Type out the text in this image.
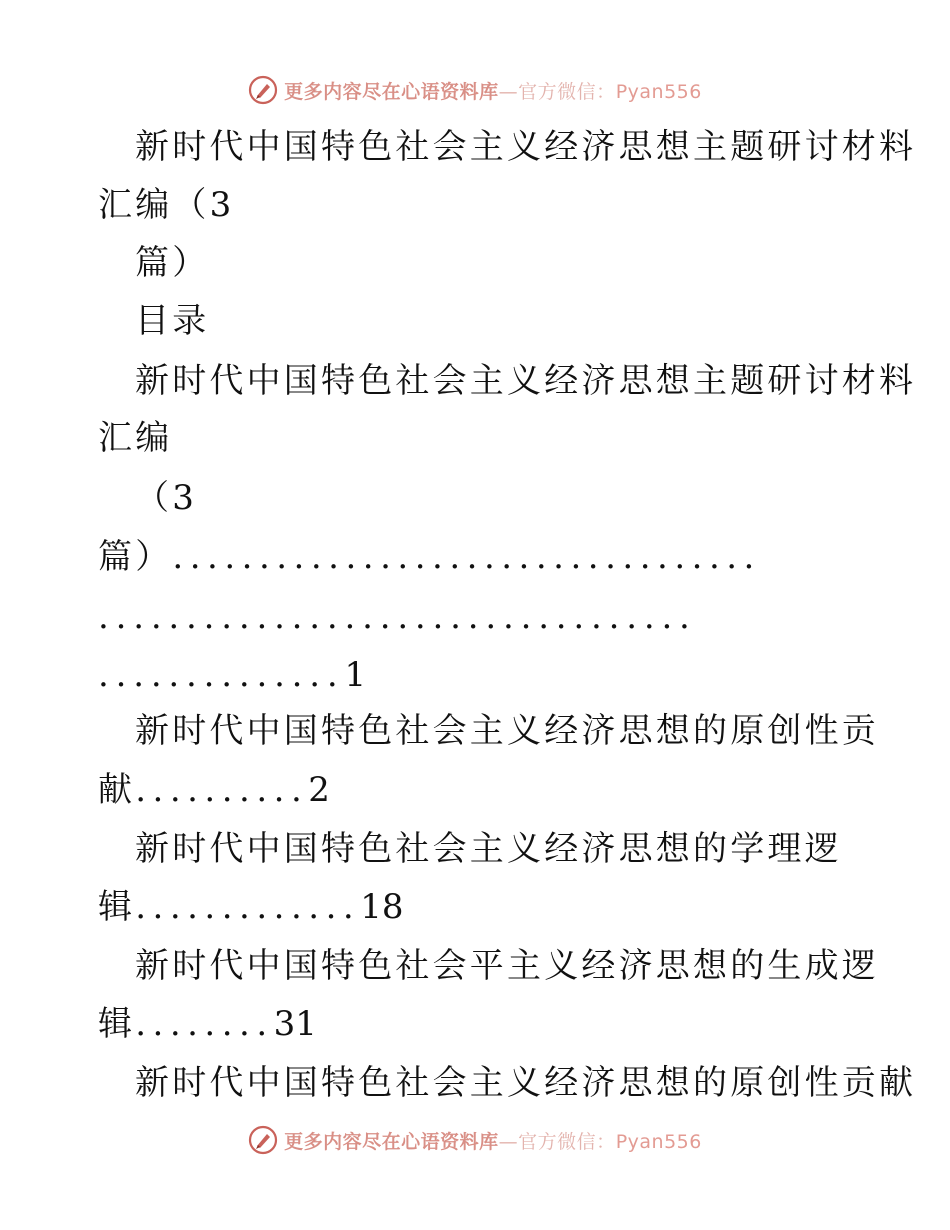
更多内容尽在心语资料库—官方微信：Pyan556
新时代中国特色社会主义经济思想主题研讨材料
汇编（3
篇）
目录
新时代中国特色社会主义经济思想主题研讨材料
汇编
（3
篇）..................................
..................................
..............1
新时代中国特色社会主义经济思想的原创性贡
献..........2
新时代中国特色社会主义经济思想的学理逻
辑.............18
新时代中国特色社会平主义经济思想的生成逻
辑........31
新时代中国特色社会主义经济思想的原创性贡献
更多内容尽在心语资料库—官方微信：Pyan556
